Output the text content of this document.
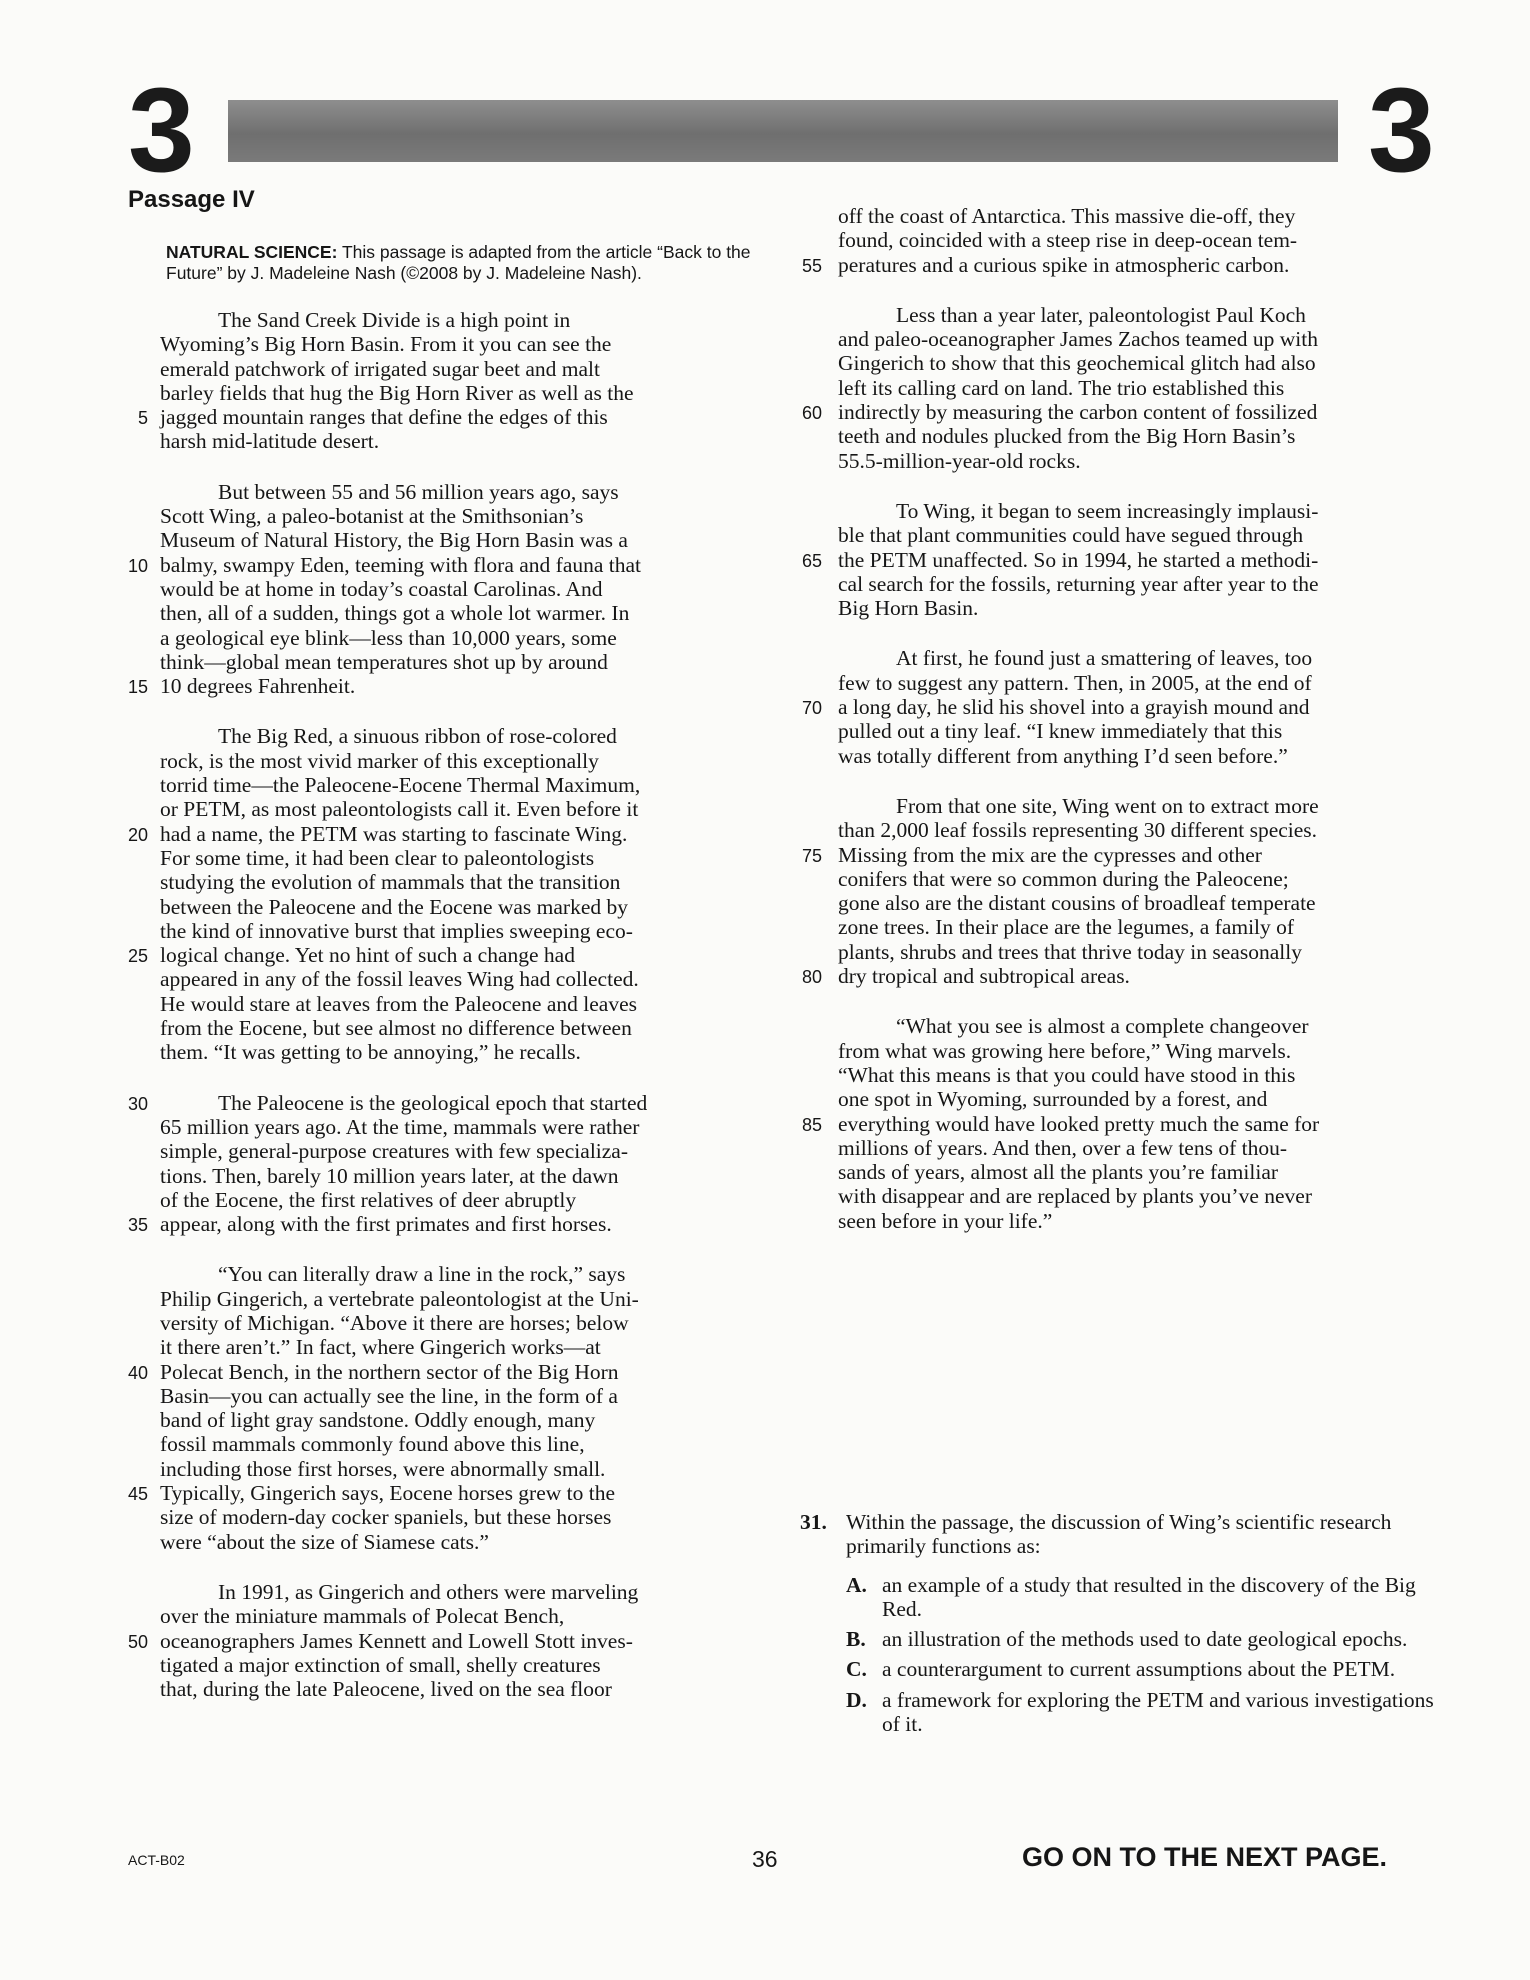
3	3
Passage IV
NATURAL SCIENCE: This passage is adapted from the article “Back to the Future” by J. Madeleine Nash (©2008 by J. Madeleine Nash).
The Sand Creek Divide is a high point in
Wyoming’s Big Horn Basin. From it you can see the
emerald patchwork of irrigated sugar beet and malt
barley fields that hug the Big Horn River as well as the
jagged mountain ranges that define the edges of this
5
harsh mid-latitude desert.
But between 55 and 56 million years ago, says
Scott Wing, a paleo-botanist at the Smithsonian’s
Museum of Natural History, the Big Horn Basin was a
balmy, swampy Eden, teeming with flora and fauna that
10
would be at home in today’s coastal Carolinas. And
then, all of a sudden, things got a whole lot warmer. In
a geological eye blink—less than 10,000 years, some
think—global mean temperatures shot up by around
10 degrees Fahrenheit.
15
The Big Red, a sinuous ribbon of rose-colored
rock, is the most vivid marker of this exceptionally
torrid time—the Paleocene-Eocene Thermal Maximum,
or PETM, as most paleontologists call it. Even before it
had a name, the PETM was starting to fascinate Wing.
20
For some time, it had been clear to paleontologists
studying the evolution of mammals that the transition
between the Paleocene and the Eocene was marked by
the kind of innovative burst that implies sweeping eco-
logical change. Yet no hint of such a change had
25
appeared in any of the fossil leaves Wing had collected.
He would stare at leaves from the Paleocene and leaves
from the Eocene, but see almost no difference between
them. “It was getting to be annoying,” he recalls.
The Paleocene is the geological epoch that started
30
65 million years ago. At the time, mammals were rather
simple, general-purpose creatures with few specializa-
tions. Then, barely 10 million years later, at the dawn
of the Eocene, the first relatives of deer abruptly
appear, along with the first primates and first horses.
35
“You can literally draw a line in the rock,” says
Philip Gingerich, a vertebrate paleontologist at the Uni-
versity of Michigan. “Above it there are horses; below
it there aren’t.” In fact, where Gingerich works—at
Polecat Bench, in the northern sector of the Big Horn
40
Basin—you can actually see the line, in the form of a
band of light gray sandstone. Oddly enough, many
fossil mammals commonly found above this line,
including those first horses, were abnormally small.
Typically, Gingerich says, Eocene horses grew to the
45
size of modern-day cocker spaniels, but these horses
were “about the size of Siamese cats.”
In 1991, as Gingerich and others were marveling
over the miniature mammals of Polecat Bench,
oceanographers James Kennett and Lowell Stott inves-
50
tigated a major extinction of small, shelly creatures
that, during the late Paleocene, lived on the sea floor
off the coast of Antarctica. This massive die-off, they
found, coincided with a steep rise in deep-ocean tem-
peratures and a curious spike in atmospheric carbon.
55
Less than a year later, paleontologist Paul Koch
and paleo-oceanographer James Zachos teamed up with
Gingerich to show that this geochemical glitch had also
left its calling card on land. The trio established this
indirectly by measuring the carbon content of fossilized
60
teeth and nodules plucked from the Big Horn Basin’s
55.5-million-year-old rocks.
To Wing, it began to seem increasingly implausi-
ble that plant communities could have segued through
the PETM unaffected. So in 1994, he started a methodi-
65
cal search for the fossils, returning year after year to the
Big Horn Basin.
At first, he found just a smattering of leaves, too
few to suggest any pattern. Then, in 2005, at the end of
a long day, he slid his shovel into a grayish mound and
70
pulled out a tiny leaf. “I knew immediately that this
was totally different from anything I’d seen before.”
From that one site, Wing went on to extract more
than 2,000 leaf fossils representing 30 different species.
Missing from the mix are the cypresses and other
75
conifers that were so common during the Paleocene;
gone also are the distant cousins of broadleaf temperate
zone trees. In their place are the legumes, a family of
plants, shrubs and trees that thrive today in seasonally
dry tropical and subtropical areas.
80
“What you see is almost a complete changeover
from what was growing here before,” Wing marvels.
“What this means is that you could have stood in this
one spot in Wyoming, surrounded by a forest, and
everything would have looked pretty much the same for
85
millions of years. And then, over a few tens of thou-
sands of years, almost all the plants you’re familiar
with disappear and are replaced by plants you’ve never
seen before in your life.”
31. Within the passage, the discussion of Wing’s scientific research primarily functions as:
A. an example of a study that resulted in the discovery of the Big Red.
B. an illustration of the methods used to date geological epochs.
C. a counterargument to current assumptions about the PETM.
D. a framework for exploring the PETM and various investigations of it.
ACT-B02	36	GO ON TO THE NEXT PAGE.
